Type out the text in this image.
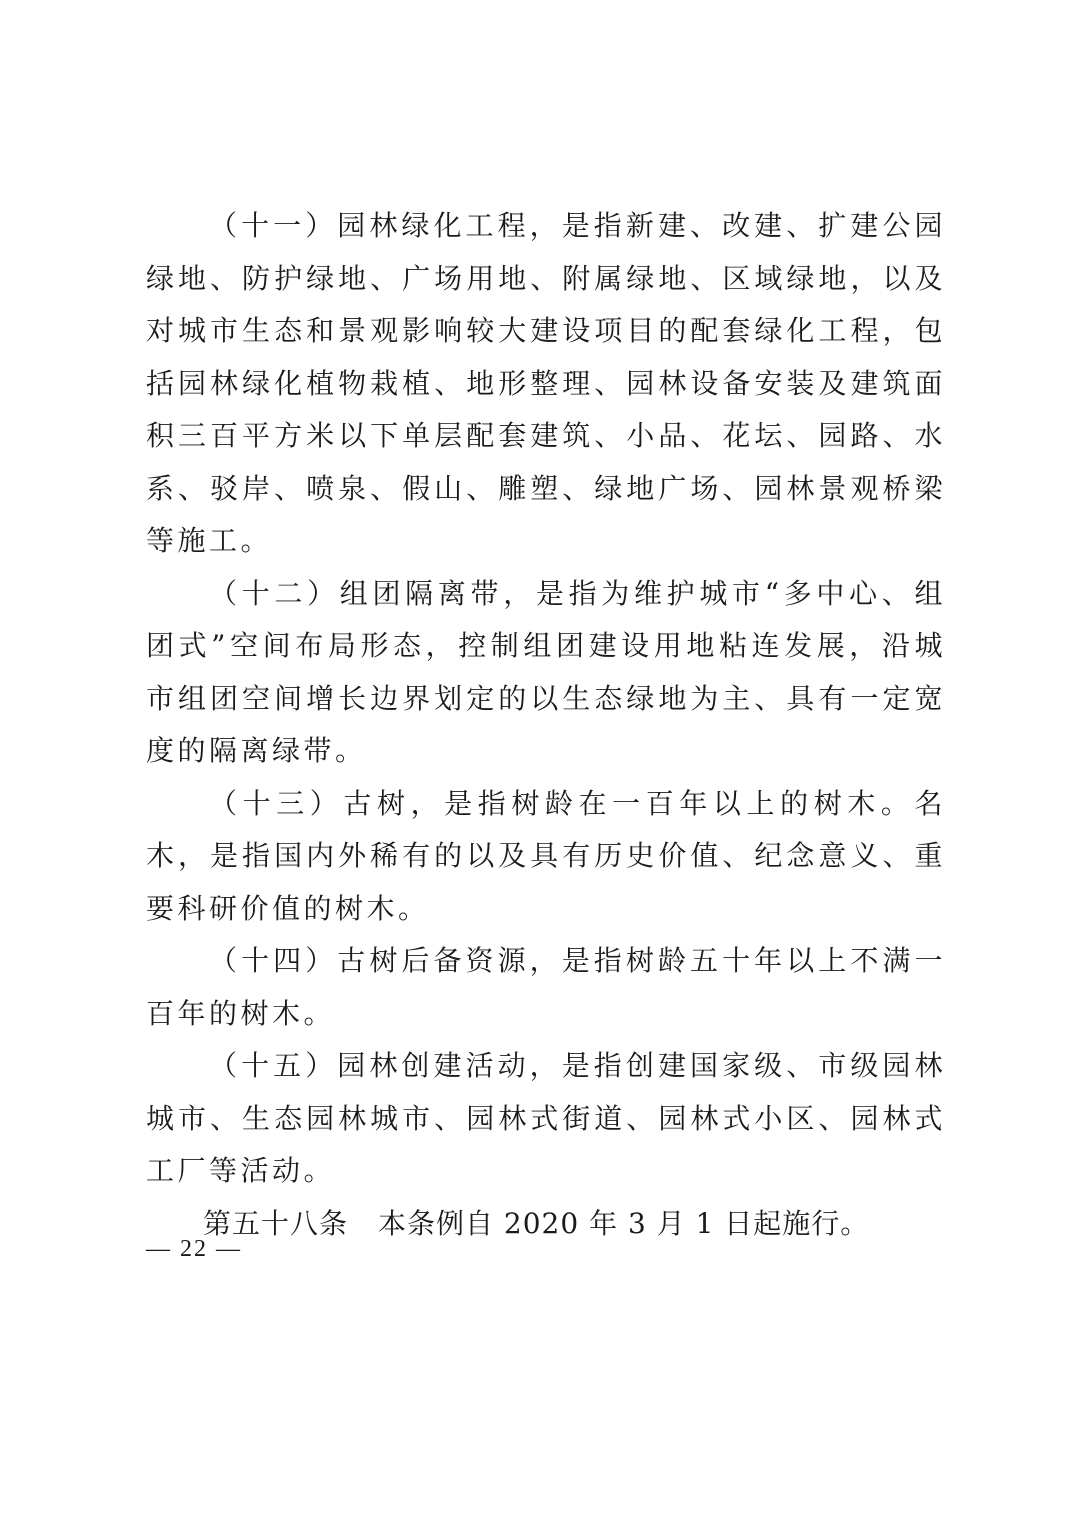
（十一）园林绿化工程，是指新建、改建、扩建公园绿地、防护绿地、广场用地、附属绿地、区域绿地，以及对城市生态和景观影响较大建设项目的配套绿化工程，包括园林绿化植物栽植、地形整理、园林设备安装及建筑面积三百平方米以下单层配套建筑、小品、花坛、园路、水系、驳岸、喷泉、假山、雕塑、绿地广场、园林景观桥梁等施工。

（十二）组团隔离带，是指为维护城市“多中心、组团式”空间布局形态，控制组团建设用地粘连发展，沿城市组团空间增长边界划定的以生态绿地为主、具有一定宽度的隔离绿带。

（十三）古树，是指树龄在一百年以上的树木。名木，是指国内外稀有的以及具有历史价值、纪念意义、重要科研价值的树木。

（十四）古树后备资源，是指树龄五十年以上不满一百年的树木。

（十五）园林创建活动，是指创建国家级、市级园林城市、生态园林城市、园林式街道、园林式小区、园林式工厂等活动。

第五十八条 本条例自 2020 年 3 月 1 日起施行。

— 22 —
